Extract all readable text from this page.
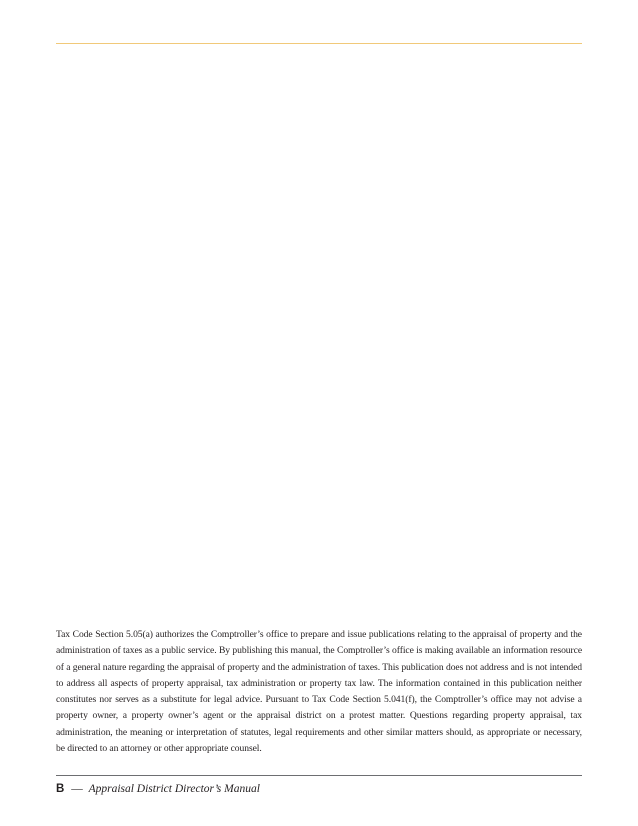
Tax Code Section 5.05(a) authorizes the Comptroller’s office to prepare and issue publications relating to the appraisal of property and the administration of taxes as a public service. By publishing this manual, the Comptroller’s office is making available an information resource of a general nature regarding the appraisal of property and the administration of taxes. This publication does not address and is not intended to address all aspects of property appraisal, tax administration or property tax law. The information contained in this publication neither constitutes nor serves as a substitute for legal advice. Pursuant to Tax Code Section 5.041(f), the Comptroller’s office may not advise a property owner, a property owner’s agent or the appraisal district on a protest matter. Questions regarding property appraisal, tax administration, the meaning or interpretation of statutes, legal requirements and other similar matters should, as appropriate or necessary, be directed to an attorney or other appropriate counsel.

B — Appraisal District Director’s Manual
